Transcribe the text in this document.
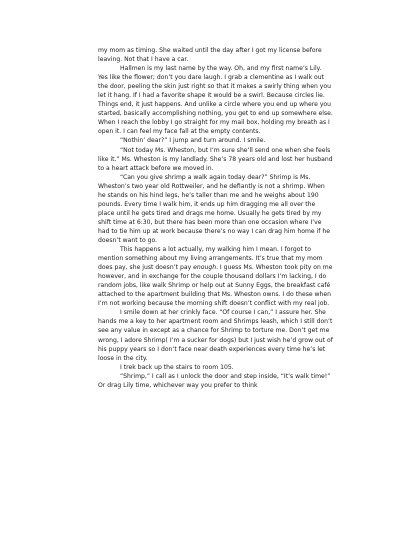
my mom as timing. She waited until the day after I got my license before leaving. Not that I have a car.

Hallmen is my last name by the way. Oh, and my first name’s Lily. Yes like the flower; don’t you dare laugh. I grab a clementine as I walk out the door, peeling the skin just right so that it makes a swirly thing when you let it hang. If I had a favorite shape it would be a swirl. Because circles lie. Things end, it just happens. And unlike a circle where you end up where you started, basically accomplishing nothing, you get to end up somewhere else. When I reach the lobby I go straight for my mail box, holding my breath as I open it. I can feel my face fall at the empty contents.

“Nothin’ dear?” I jump and turn around. I smile.

“Not today Ms. Wheston, but I’m sure she’ll send one when she feels like it.” Ms. Wheston is my landlady. She’s 78 years old and lost her husband to a heart attack before we moved in.

“Can you give shrimp a walk again today dear?” Shrimp is Ms. Wheston’s two year old Rottweiler, and he defiantly is not a shrimp. When he stands on his hind legs, he’s taller than me and he weighs about 190 pounds. Every time I walk him, it ends up him dragging me all over the place until he gets tired and drags me home. Usually he gets tired by my shift time at 6:30, but there has been more than one occasion where I’ve had to tie him up at work because there’s no way I can drag him home if he doesn’t want to go.

This happens a lot actually, my walking him I mean. I forgot to mention something about my living arrangements. It’s true that my mom does pay, she just doesn’t pay enough. I guess Ms. Wheston took pity on me however, and in exchange for the couple thousand dollars I’m lacking, I do random jobs, like walk Shrimp or help out at Sunny Eggs, the breakfast café attached to the apartment building that Ms. Wheston owns. I do these when I’m not working because the morning shift doesn’t conflict with my real job.

I smile down at her crinkly face. “Of course I can,” I assure her. She hands me a key to her apartment room and Shrimps leash, which I still don’t see any value in except as a chance for Shrimp to torture me. Don’t get me wrong, I adore Shrimp( I’m a sucker for dogs) but I just wish he’d grow out of his puppy years so I don’t face near death experiences every time he’s let loose in the city.

I trek back up the stairs to room 105.

“Shrimp,” I call as I unlock the door and step inside, “It’s walk time!” Or drag Lily time, whichever way you prefer to think
